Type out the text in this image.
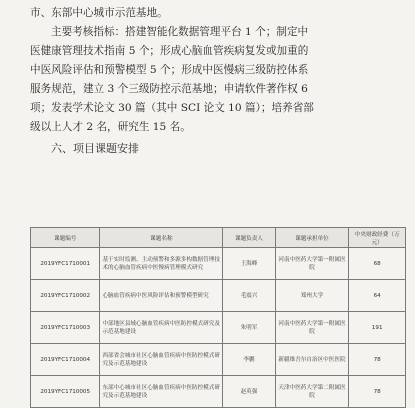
市、东部中心城市示范基地。
主要考核指标：搭建智能化数据管理平台 1 个；制定中
医健康管理技术指南 5 个；形成心脑血管疾病复发或加重的
中医风险评估和预警模型 5 个；形成中医慢病三级防控体系
服务规范，建立 3 个三级防控示范基地；申请软件著作权 6
项；发表学术论文 30 篇（其中 SCI 论文 10 篇）；培养省部
级以上人才 2 名，研究生 15 名。
六、项目课题安排
课题编号	课题名称	课题负责人	课题承担单位	中央财政经费（万元）
2019YFC1710001	基于实时监测、主动预警和多源多构数据管理技术的心脑血管疾病中医慢病管理模式研究	王海峰	河南中医药大学第一附属医院	68
2019YFC1710002	心脑血管疾病中医风险评估和预警模型研究	毛震兴	郑州大学	64
2019YFC1710003	中部地区县域心脑血管疾病中医防控模式研究及示范基地建设	朱明军	河南中医药大学第一附属医院	191
2019YFC1710004	西部省会城市社区心脑血管疾病中医防控模式研究及示范基地建设	李鹏	新疆维吾尔自治区中医医院	78
2019YFC1710005	东部中心城市社区心脑血管疾病中医防控模式研究及示范基地建设	赵英强	天津中医药大学第二附属医院	78
